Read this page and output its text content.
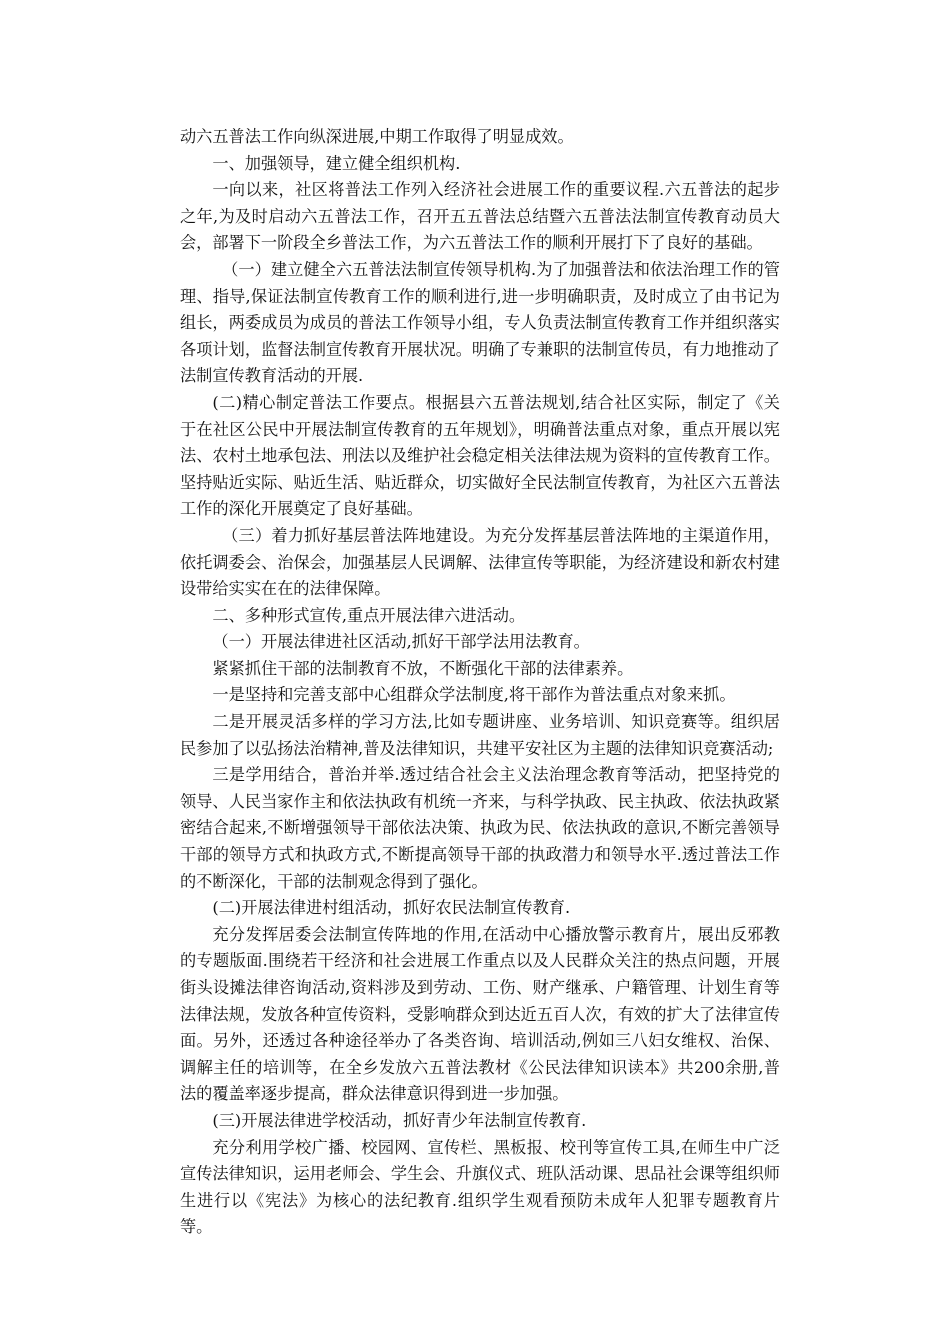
动六五普法工作向纵深进展,中期工作取得了明显成效。

一、加强领导，建立健全组织机构.

一向以来，社区将普法工作列入经济社会进展工作的重要议程.六五普法的起步之年,为及时启动六五普法工作，召开五五普法总结暨六五普法法制宣传教育动员大会，部署下一阶段全乡普法工作，为六五普法工作的顺利开展打下了良好的基础。

（一）建立健全六五普法法制宣传领导机构.为了加强普法和依法治理工作的管理、指导,保证法制宣传教育工作的顺利进行,进一步明确职责，及时成立了由书记为组长，两委成员为成员的普法工作领导小组，专人负责法制宣传教育工作并组织落实各项计划，监督法制宣传教育开展状况。明确了专兼职的法制宣传员，有力地推动了法制宣传教育活动的开展.

(二)精心制定普法工作要点。根据县六五普法规划,结合社区实际，制定了《关于在社区公民中开展法制宣传教育的五年规划》，明确普法重点对象，重点开展以宪法、农村土地承包法、刑法以及维护社会稳定相关法律法规为资料的宣传教育工作。坚持贴近实际、贴近生活、贴近群众，切实做好全民法制宣传教育，为社区六五普法工作的深化开展奠定了良好基础。

（三）着力抓好基层普法阵地建设。为充分发挥基层普法阵地的主渠道作用，依托调委会、治保会，加强基层人民调解、法律宣传等职能，为经济建设和新农村建设带给实实在在的法律保障。

二、多种形式宣传,重点开展法律六进活动。

（一）开展法律进社区活动,抓好干部学法用法教育。

紧紧抓住干部的法制教育不放，不断强化干部的法律素养。

一是坚持和完善支部中心组群众学法制度,将干部作为普法重点对象来抓。

二是开展灵活多样的学习方法,比如专题讲座、业务培训、知识竞赛等。组织居民参加了以弘扬法治精神,普及法律知识，共建平安社区为主题的法律知识竞赛活动;

三是学用结合，普治并举.透过结合社会主义法治理念教育等活动，把坚持党的领导、人民当家作主和依法执政有机统一齐来，与科学执政、民主执政、依法执政紧密结合起来,不断增强领导干部依法决策、执政为民、依法执政的意识,不断完善领导干部的领导方式和执政方式,不断提高领导干部的执政潜力和领导水平.透过普法工作的不断深化，干部的法制观念得到了强化。

(二)开展法律进村组活动，抓好农民法制宣传教育.

充分发挥居委会法制宣传阵地的作用,在活动中心播放警示教育片，展出反邪教的专题版面.围绕若干经济和社会进展工作重点以及人民群众关注的热点问题，开展街头设摊法律咨询活动,资料涉及到劳动、工伤、财产继承、户籍管理、计划生育等法律法规，发放各种宣传资料，受影响群众到达近五百人次，有效的扩大了法律宣传面。另外，还透过各种途径举办了各类咨询、培训活动,例如三八妇女维权、治保、调解主任的培训等，在全乡发放六五普法教材《公民法律知识读本》共200余册,普法的覆盖率逐步提高，群众法律意识得到进一步加强。

(三)开展法律进学校活动，抓好青少年法制宣传教育.

充分利用学校广播、校园网、宣传栏、黑板报、校刊等宣传工具,在师生中广泛宣传法律知识，运用老师会、学生会、升旗仪式、班队活动课、思品社会课等组织师生进行以《宪法》为核心的法纪教育.组织学生观看预防未成年人犯罪专题教育片等。
